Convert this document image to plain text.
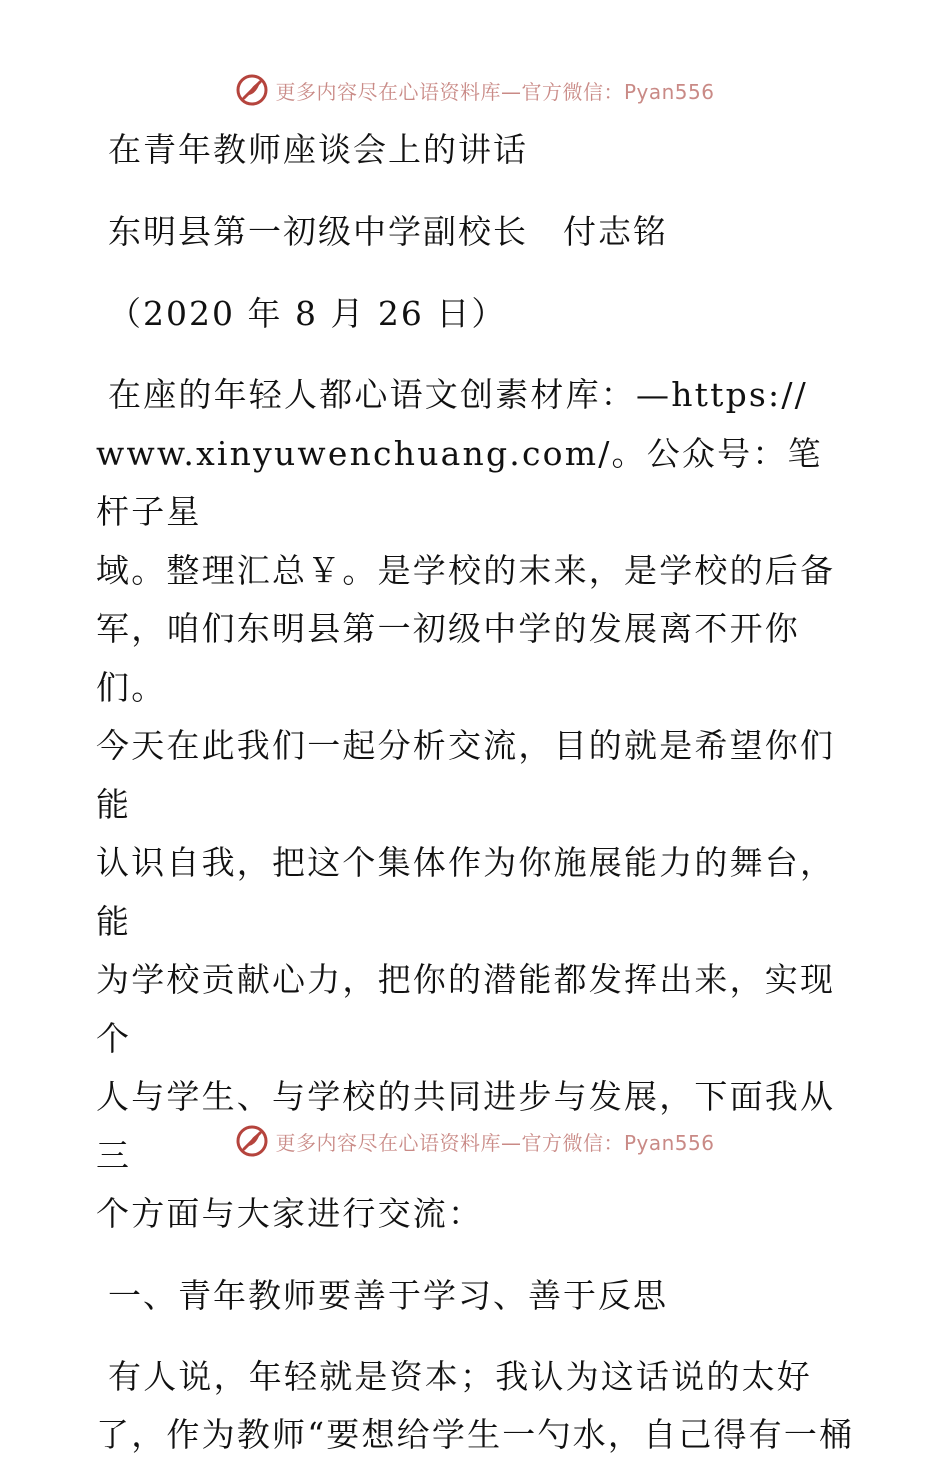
更多内容尽在心语资料库—官方微信：Pyan556
在青年教师座谈会上的讲话
东明县第一初级中学副校长　付志铭
（2020 年 8 月 26 日）
在座的年轻人都心语文创素材库：—https://
www.xinyuwenchuang.com/。公众号：笔杆子星
域。整理汇总￥。是学校的末来，是学校的后备
军，咱们东明县第一初级中学的发展离不开你们。
今天在此我们一起分析交流，目的就是希望你们能
认识自我，把这个集体作为你施展能力的舞台，能
为学校贡献心力，把你的潜能都发挥出来，实现个
人与学生、与学校的共同进步与发展，下面我从三
个方面与大家进行交流：
一、青年教师要善于学习、善于反思
有人说，年轻就是资本；我认为这话说的太好
了，作为教师“要想给学生一勺水，自己得有一桶
更多内容尽在心语资料库—官方微信：Pyan556
